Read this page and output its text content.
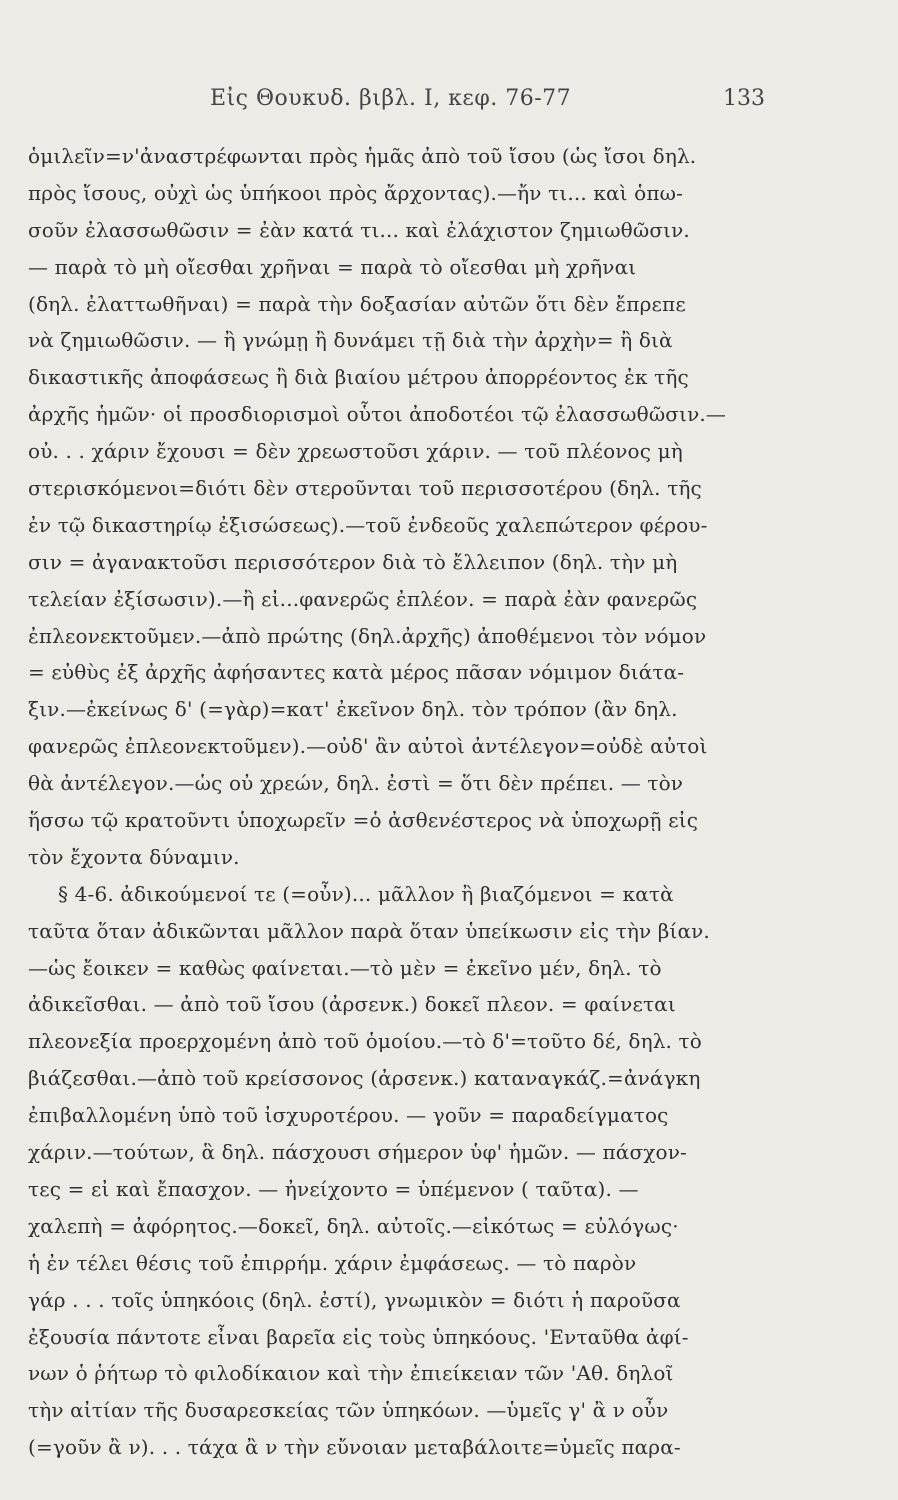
Εἰς Θουκυδ. βιβλ. Ι, κεφ. 76-77	133
ὁμιλεῖν=ν'ἀναστρέφωνται πρὸς ἡμᾶς ἀπὸ τοῦ ἴσου (ὡς ἴσοι δηλ.
πρὸς ἴσους, οὐχὶ ὡς ὑπήκοοι πρὸς ἄρχοντας).—ἤν τι... καὶ ὁπω-
σοῦν ἐλασσωθῶσιν = ἐὰν κατά τι... καὶ ἐλάχιστον ζημιωθῶσιν.
— παρὰ τὸ μὴ οἴεσθαι χρῆναι = παρὰ τὸ οἴεσθαι μὴ χρῆναι
(δηλ. ἐλαττωθῆναι) = παρὰ τὴν δοξασίαν αὐτῶν ὅτι δὲν ἔπρεπε
νὰ ζημιωθῶσιν. — ἢ γνώμῃ ἢ δυνάμει τῇ διὰ τὴν ἀρχὴν= ἢ διὰ
δικαστικῆς ἀποφάσεως ἢ διὰ βιαίου μέτρου ἀπορρέοντος ἐκ τῆς
ἀρχῆς ἡμῶν· οἱ προσδιορισμοὶ οὗτοι ἀποδοτέοι τῷ ἐλασσωθῶσιν.—
οὐ. . . χάριν ἔχουσι = δὲν χρεωστοῦσι χάριν. — τοῦ πλέονος μὴ
στερισκόμενοι=διότι δὲν στεροῦνται τοῦ περισσοτέρου (δηλ. τῆς
ἐν τῷ δικαστηρίῳ ἐξισώσεως).—τοῦ ἐνδεοῦς χαλεπώτερον φέρου-
σιν = ἀγανακτοῦσι περισσότερον διὰ τὸ ἔλλειπον (δηλ. τὴν μὴ
τελείαν ἐξίσωσιν).—ἢ εἰ...φανερῶς ἐπλέον. = παρὰ ἐὰν φανερῶς
ἐπλεονεκτοῦμεν.—ἀπὸ πρώτης (δηλ.ἀρχῆς) ἀποθέμενοι τὸν νόμον
= εὐθὺς ἐξ ἀρχῆς ἀφήσαντες κατὰ μέρος πᾶσαν νόμιμον διάτα-
ξιν.—ἐκείνως δ' (=γὰρ)=κατ' ἐκεῖνον δηλ. τὸν τρόπον (ἂν δηλ.
φανερῶς ἐπλεονεκτοῦμεν).—οὐδ' ἂν αὐτοὶ ἀντέλεγον=οὐδὲ αὐτοὶ
θὰ ἀντέλεγον.—ὡς οὐ χρεών, δηλ. ἐστὶ = ὅτι δὲν πρέπει. — τὸν
ἥσσω τῷ κρατοῦντι ὑποχωρεῖν =ὁ ἀσθενέστερος νὰ ὑποχωρῇ εἰς
τὸν ἔχοντα δύναμιν.
§ 4-6. ἀδικούμενοί τε (=οὖν)... μᾶλλον ἢ βιαζόμενοι = κατὰ
ταῦτα ὅταν ἀδικῶνται μᾶλλον παρὰ ὅταν ὑπείκωσιν εἰς τὴν βίαν.
—ὡς ἔοικεν = καθὼς φαίνεται.—τὸ μὲν = ἐκεῖνο μέν, δηλ. τὸ
ἀδικεῖσθαι. — ἀπὸ τοῦ ἴσου (ἀρσενκ.) δοκεῖ πλεον. = φαίνεται
πλεονεξία προερχομένη ἀπὸ τοῦ ὁμοίου.—τὸ δ'=τοῦτο δέ, δηλ. τὸ
βιάζεσθαι.—ἀπὸ τοῦ κρείσσονος (ἀρσενκ.) καταναγκάζ.=ἀνάγκη
ἐπιβαλλομένη ὑπὸ τοῦ ἰσχυροτέρου. — γοῦν = παραδείγματος
χάριν.—τούτων, ἃ δηλ. πάσχουσι σήμερον ὑφ' ἡμῶν. — πάσχον-
τες = εἰ καὶ ἔπασχον. — ἠνείχοντο = ὑπέμενον ( ταῦτα). —
χαλεπὴ = ἀφόρητος.—δοκεῖ, δηλ. αὐτοῖς.—εἰκότως = εὐλόγως·
ἡ ἐν τέλει θέσις τοῦ ἐπιρρήμ. χάριν ἐμφάσεως. — τὸ παρὸν
γάρ . . . τοῖς ὑπηκόοις (δηλ. ἐστί), γνωμικὸν = διότι ἡ παροῦσα
ἐξουσία πάντοτε εἶναι βαρεῖα εἰς τοὺς ὑπηκόους. 'Ενταῦθα ἀφί-
νων ὁ ῥήτωρ τὸ φιλοδίκαιον καὶ τὴν ἐπιείκειαν τῶν 'Αθ. δηλοῖ
τὴν αἰτίαν τῆς δυσαρεσκείας τῶν ὑπηκόων. —ὑμεῖς γ' ἂ ν οὖν
(=γοῦν ἂ ν). . . τάχα ἂ ν τὴν εὔνοιαν μεταβάλοιτε=ὑμεῖς παρα-
